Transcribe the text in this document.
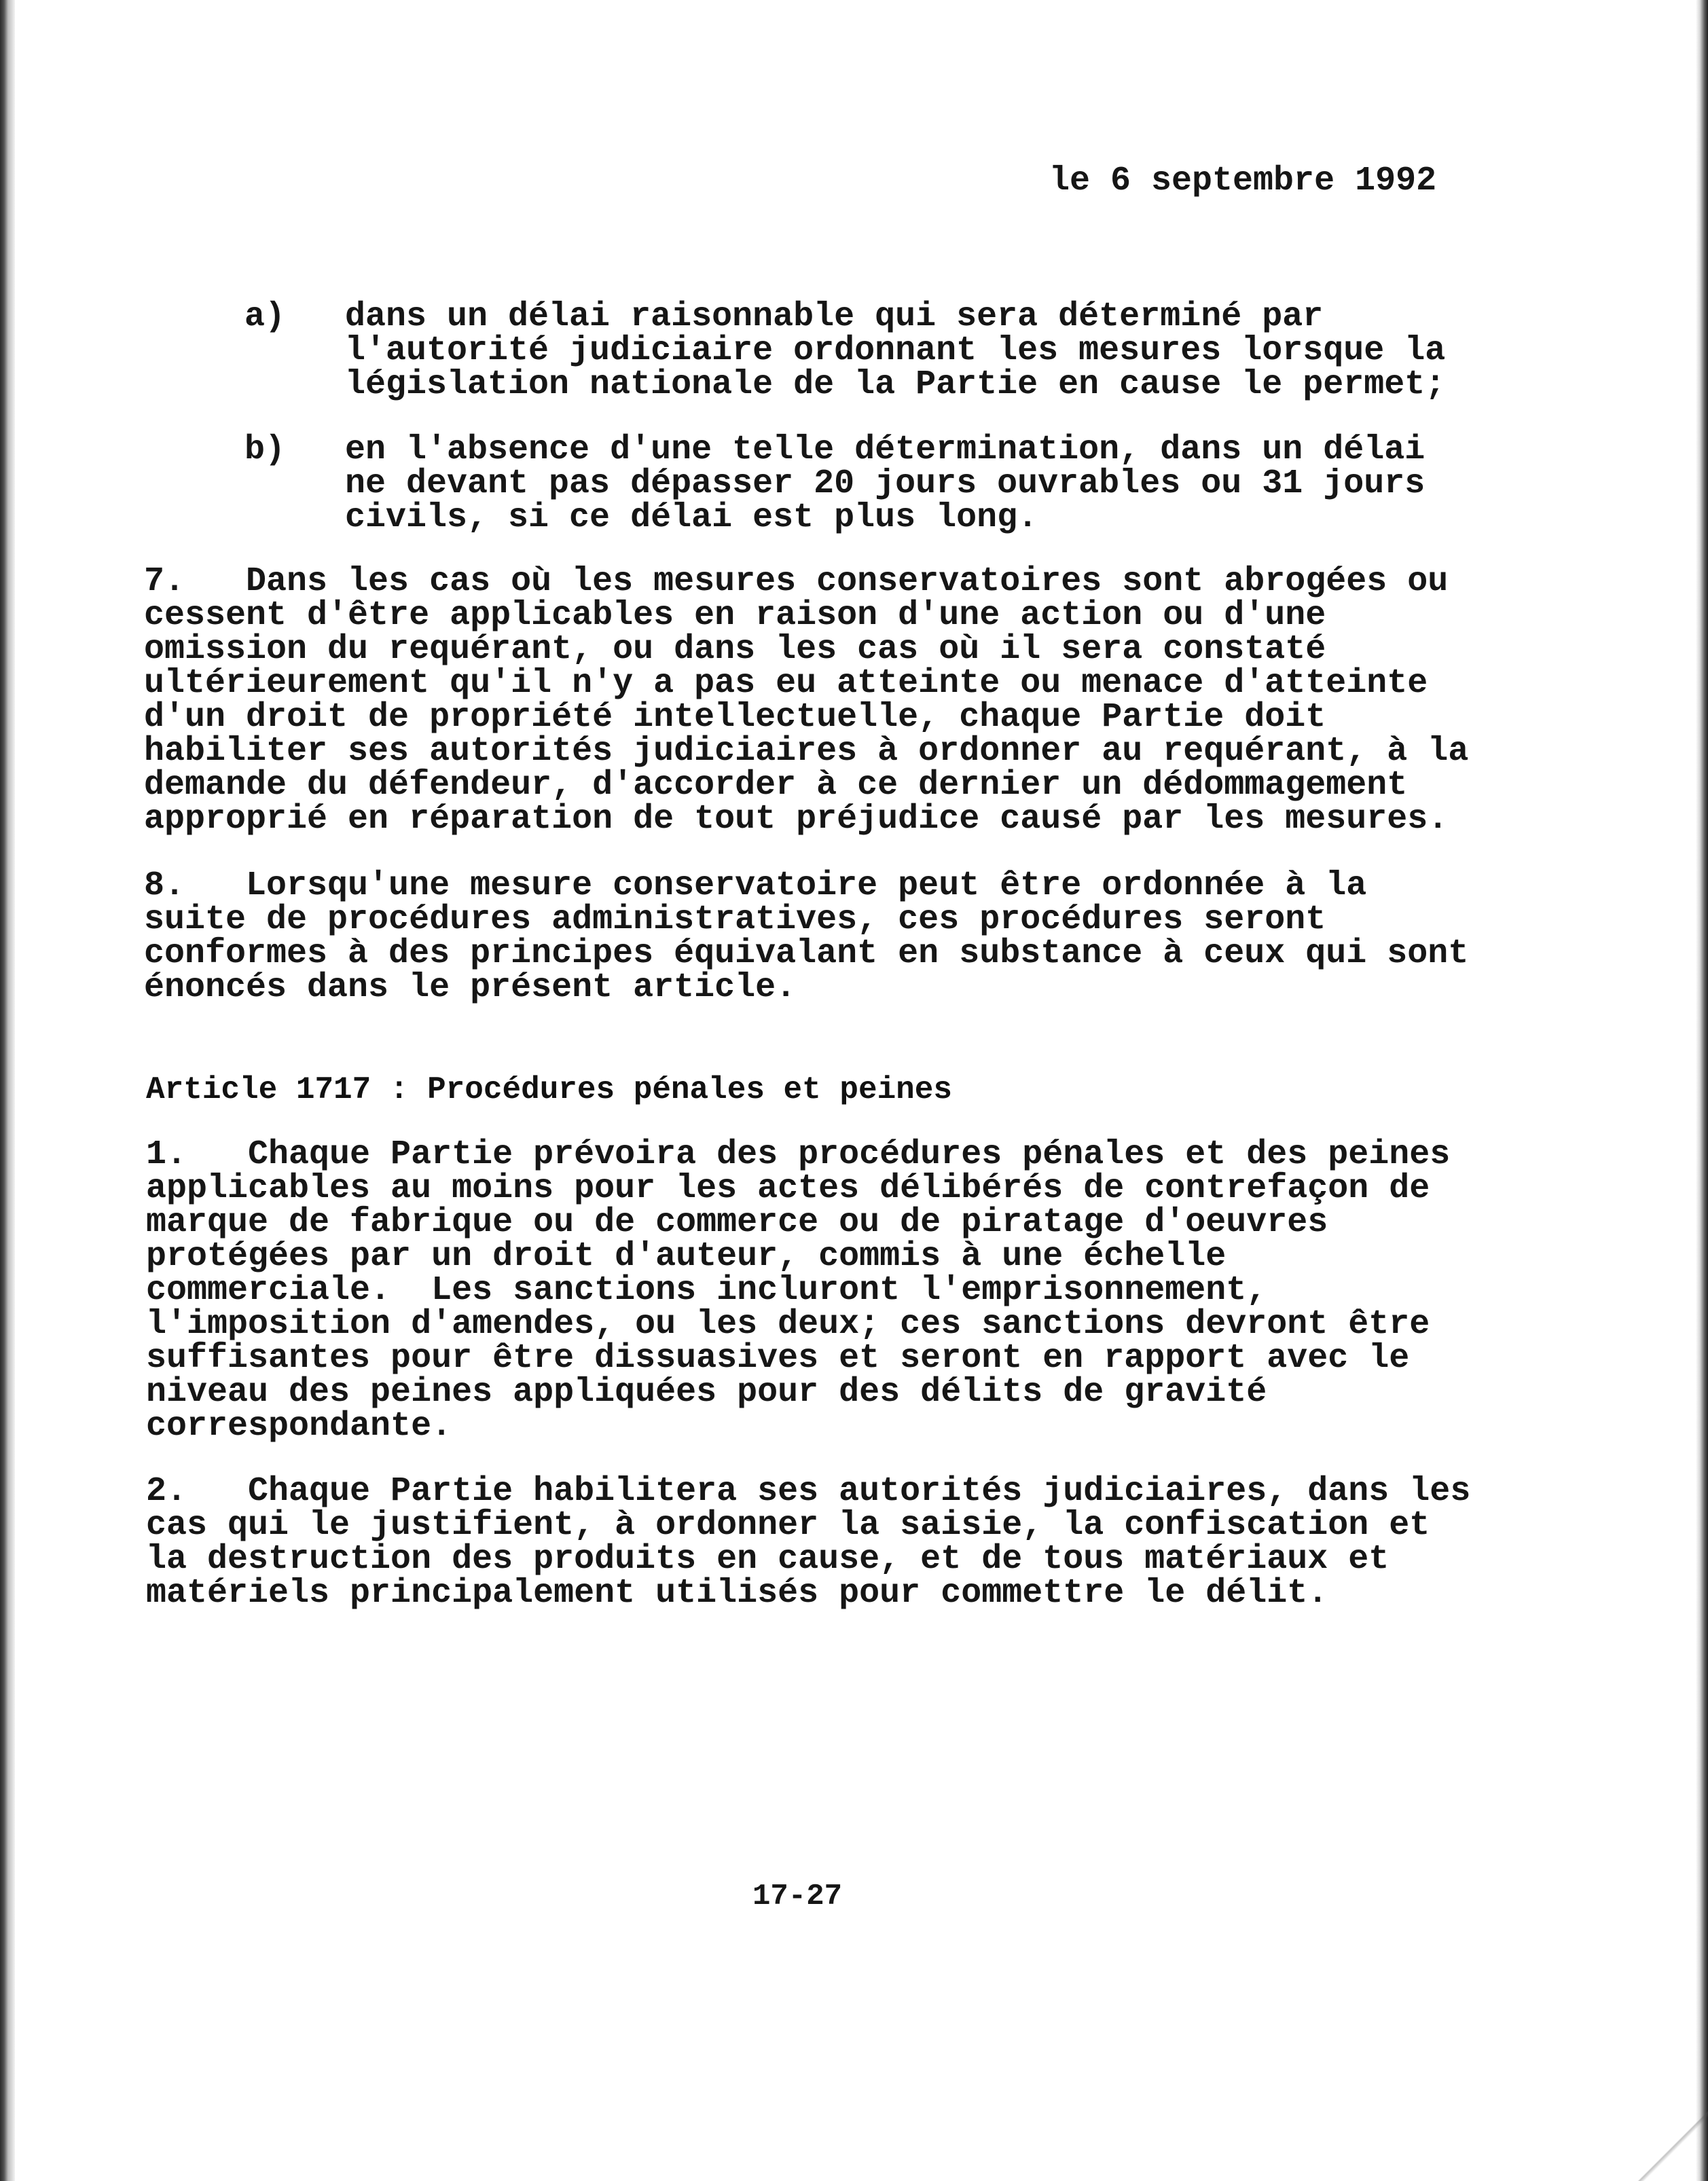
le 6 septembre 1992
a) dans un délai raisonnable qui sera déterminé par
l'autorité judiciaire ordonnant les mesures lorsque la
législation nationale de la Partie en cause le permet;
b) en l'absence d'une telle détermination, dans un délai
ne devant pas dépasser 20 jours ouvrables ou 31 jours
civils, si ce délai est plus long.
7.   Dans les cas où les mesures conservatoires sont abrogées ou
cessent d'être applicables en raison d'une action ou d'une
omission du requérant, ou dans les cas où il sera constaté
ultérieurement qu'il n'y a pas eu atteinte ou menace d'atteinte
d'un droit de propriété intellectuelle, chaque Partie doit
habiliter ses autorités judiciaires à ordonner au requérant, à la
demande du défendeur, d'accorder à ce dernier un dédommagement
approprié en réparation de tout préjudice causé par les mesures.
8.   Lorsqu'une mesure conservatoire peut être ordonnée à la
suite de procédures administratives, ces procédures seront
conformes à des principes équivalant en substance à ceux qui sont
énoncés dans le présent article.
Article 1717 : Procédures pénales et peines
1.   Chaque Partie prévoira des procédures pénales et des peines
applicables au moins pour les actes délibérés de contrefaçon de
marque de fabrique ou de commerce ou de piratage d'oeuvres
protégées par un droit d'auteur, commis à une échelle
commerciale.  Les sanctions incluront l'emprisonnement,
l'imposition d'amendes, ou les deux; ces sanctions devront être
suffisantes pour être dissuasives et seront en rapport avec le
niveau des peines appliquées pour des délits de gravité
correspondante.
2.   Chaque Partie habilitera ses autorités judiciaires, dans les
cas qui le justifient, à ordonner la saisie, la confiscation et
la destruction des produits en cause, et de tous matériaux et
matériels principalement utilisés pour commettre le délit.
17-27
